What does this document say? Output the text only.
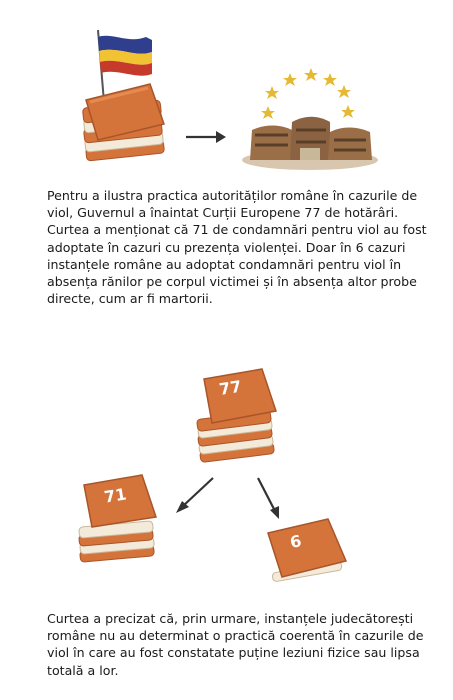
Pentru a ilustra practica autorităților române în cazurile de viol, Guvernul a înaintat Curții Europene 77 de hotărâri. Curtea a menționat că 71 de condamnări pentru viol au fost adoptate în cazuri cu prezența violenței. Doar în 6 cazuri instanțele române au adoptat condamnări pentru viol în absența rănilor pe corpul victimei și în absența altor probe directe, cum ar fi martorii.

77
71
6

Curtea a precizat că, prin urmare, instanțele judecătorești române nu au determinat o practică coerentă în cazurile de viol în care au fost constatate puține leziuni fizice sau lipsa totală a lor.
